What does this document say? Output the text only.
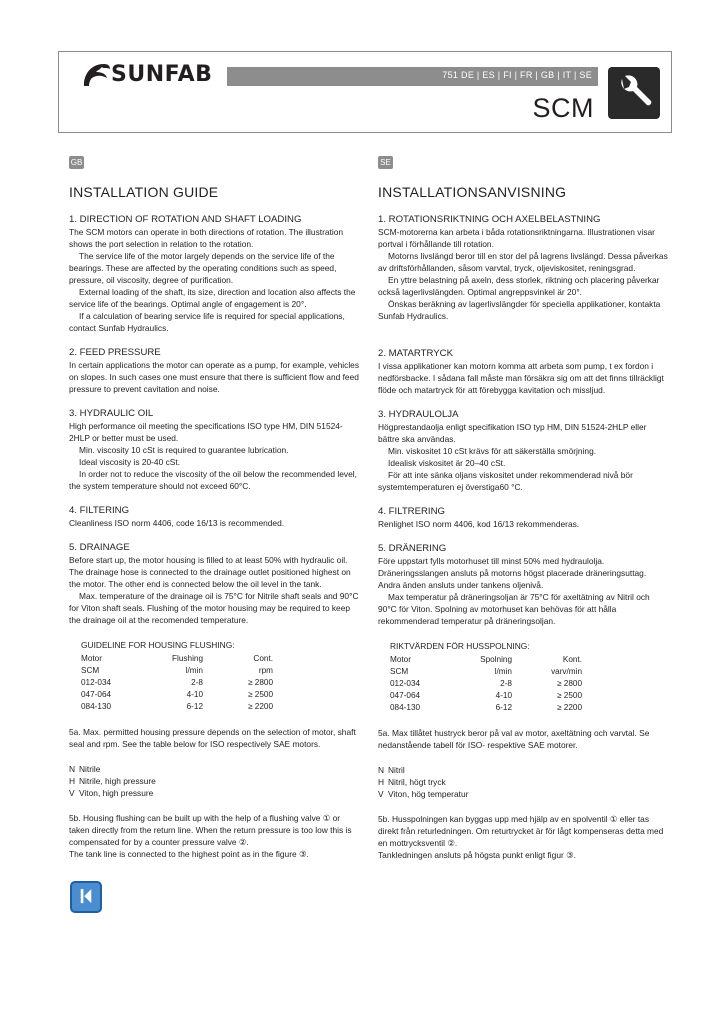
SUNFAB	751 DE | ES | FI | FR | GB | IT | SE
SCM
GB	SE
INSTALLATION GUIDE
1. DIRECTION OF ROTATION AND SHAFT LOADING
The SCM motors can operate in both directions of rotation. The illustration shows the port selection in relation to the rotation.
The service life of the motor largely depends on the service life of the bearings. These are affected by the operating conditions such as speed, pressure, oil viscosity, degree of purification.
External loading of the shaft, its size, direction and location also affects the service life of the bearings. Optimal angle of engagement is 20°.
If a calculation of bearing service life is required for special applications, contact Sunfab Hydraulics.
2. FEED PRESSURE
In certain applications the motor can operate as a pump, for example, vehicles on slopes. In such cases one must ensure that there is sufficient flow and feed pressure to prevent cavitation and noise.
3. HYDRAULIC OIL
High performance oil meeting the specifications ISO type HM, DIN 51524-2HLP or better must be used.
Min. viscosity 10 cSt is required to guarantee lubrication.
Ideal viscosity is 20-40 cSt.
In order not to reduce the viscosity of the oil below the recommended level, the system temperature should not exceed 60°C.
4. FILTERING
Cleanliness ISO norm 4406, code 16/13 is recommended.
5. DRAINAGE
Before start up, the motor housing is filled to at least 50% with hydraulic oil. The drainage hose is connected to the drainage outlet positioned highest on the motor. The other end is connected below the oil level in the tank.
Max. temperature of the drainage oil is 75°C for Nitrile shaft seals and 90°C for Viton shaft seals. Flushing of the motor housing may be required to keep the drainage oil at the recomended temperature.
GUIDELINE FOR HOUSING FLUSHING:
Motor	Flushing	Cont.
SCM	l/min	rpm
012-034	2-8	≥ 2800
047-064	4-10	≥ 2500
084-130	6-12	≥ 2200
5a. Max. permitted housing pressure depends on the selection of motor, shaft seal and rpm. See the table below for ISO respectively SAE motors.
N Nitrile
H Nitrile, high pressure
V Viton, high pressure
5b. Housing flushing can be built up with the help of a flushing valve ① or taken directly from the return line. When the return pressure is too low this is compensated for by a counter pressure valve ②.
The tank line is connected to the highest point as in the figure ③.
INSTALLATIONSANVISNING
1. ROTATIONSRIKTNING OCH AXELBELASTNING
SCM-motorerna kan arbeta i båda rotationsriktningarna. Illustrationen visar portval i förhållande till rotation.
Motorns livslängd beror till en stor del på lagrens livslängd. Dessa påverkas av driftsförhållanden, såsom varvtal, tryck, oljeviskositet, reningsgrad.
En yttre belastning på axeln, dess storlek, riktning och placering påverkar också lagerlivslängden. Optimal angreppsvinkel är 20°.
Önskas beräkning av lagerlivslängder för speciella applikationer, kontakta Sunfab Hydraulics.
2. MATARTRYCK
I vissa applikationer kan motorn komma att arbeta som pump, t ex fordon i nedförsbacke. I sådana fall måste man försäkra sig om att det finns tillräckligt flöde och matartryck för att förebygga kavitation och missljud.
3. HYDRAULOLJA
Högprestandaolja enligt specifikation ISO typ HM, DIN 51524-2HLP eller bättre ska användas.
Min. viskositet 10 cSt krävs för att säkerställa smörjning.
Idealisk viskositet är 20–40 cSt.
För att inte sänka oljans viskositet under rekommenderad nivå bör systemtemperaturen ej överstiga60 °C.
4. FILTRERING
Renlighet ISO norm 4406, kod 16/13 rekommenderas.
5. DRÄNERING
Före uppstart fylls motorhuset till minst 50% med hydraulolja. Dräneringsslangen ansluts på motorns högst placerade dräneringsuttag. Andra änden ansluts under tankens oljenivå.
Max temperatur på dräneringsoljan är 75°C för axeltätning av Nitril och 90°C för Viton. Spolning av motorhuset kan behövas för att hålla rekommenderad temperatur på dräneringsoljan.
RIKTVÄRDEN FÖR HUSSPOLNING:
Motor	Spolning	Kont.
SCM	l/min	varv/min
012-034	2-8	≥ 2800
047-064	4-10	≥ 2500
084-130	6-12	≥ 2200
5a. Max tillåtet hustryck beror på val av motor, axeltätning och varvtal. Se nedanstående tabell för ISO- respektive SAE motorer.
N Nitril
H Nitril, högt tryck
V Viton, hög temperatur
5b. Husspolningen kan byggas upp med hjälp av en spolventil ① eller tas direkt från returledningen. Om returtrycket är för lågt kompenseras detta med en mottrycksventil ②.
Tankledningen ansluts på högsta punkt enligt figur ③.
